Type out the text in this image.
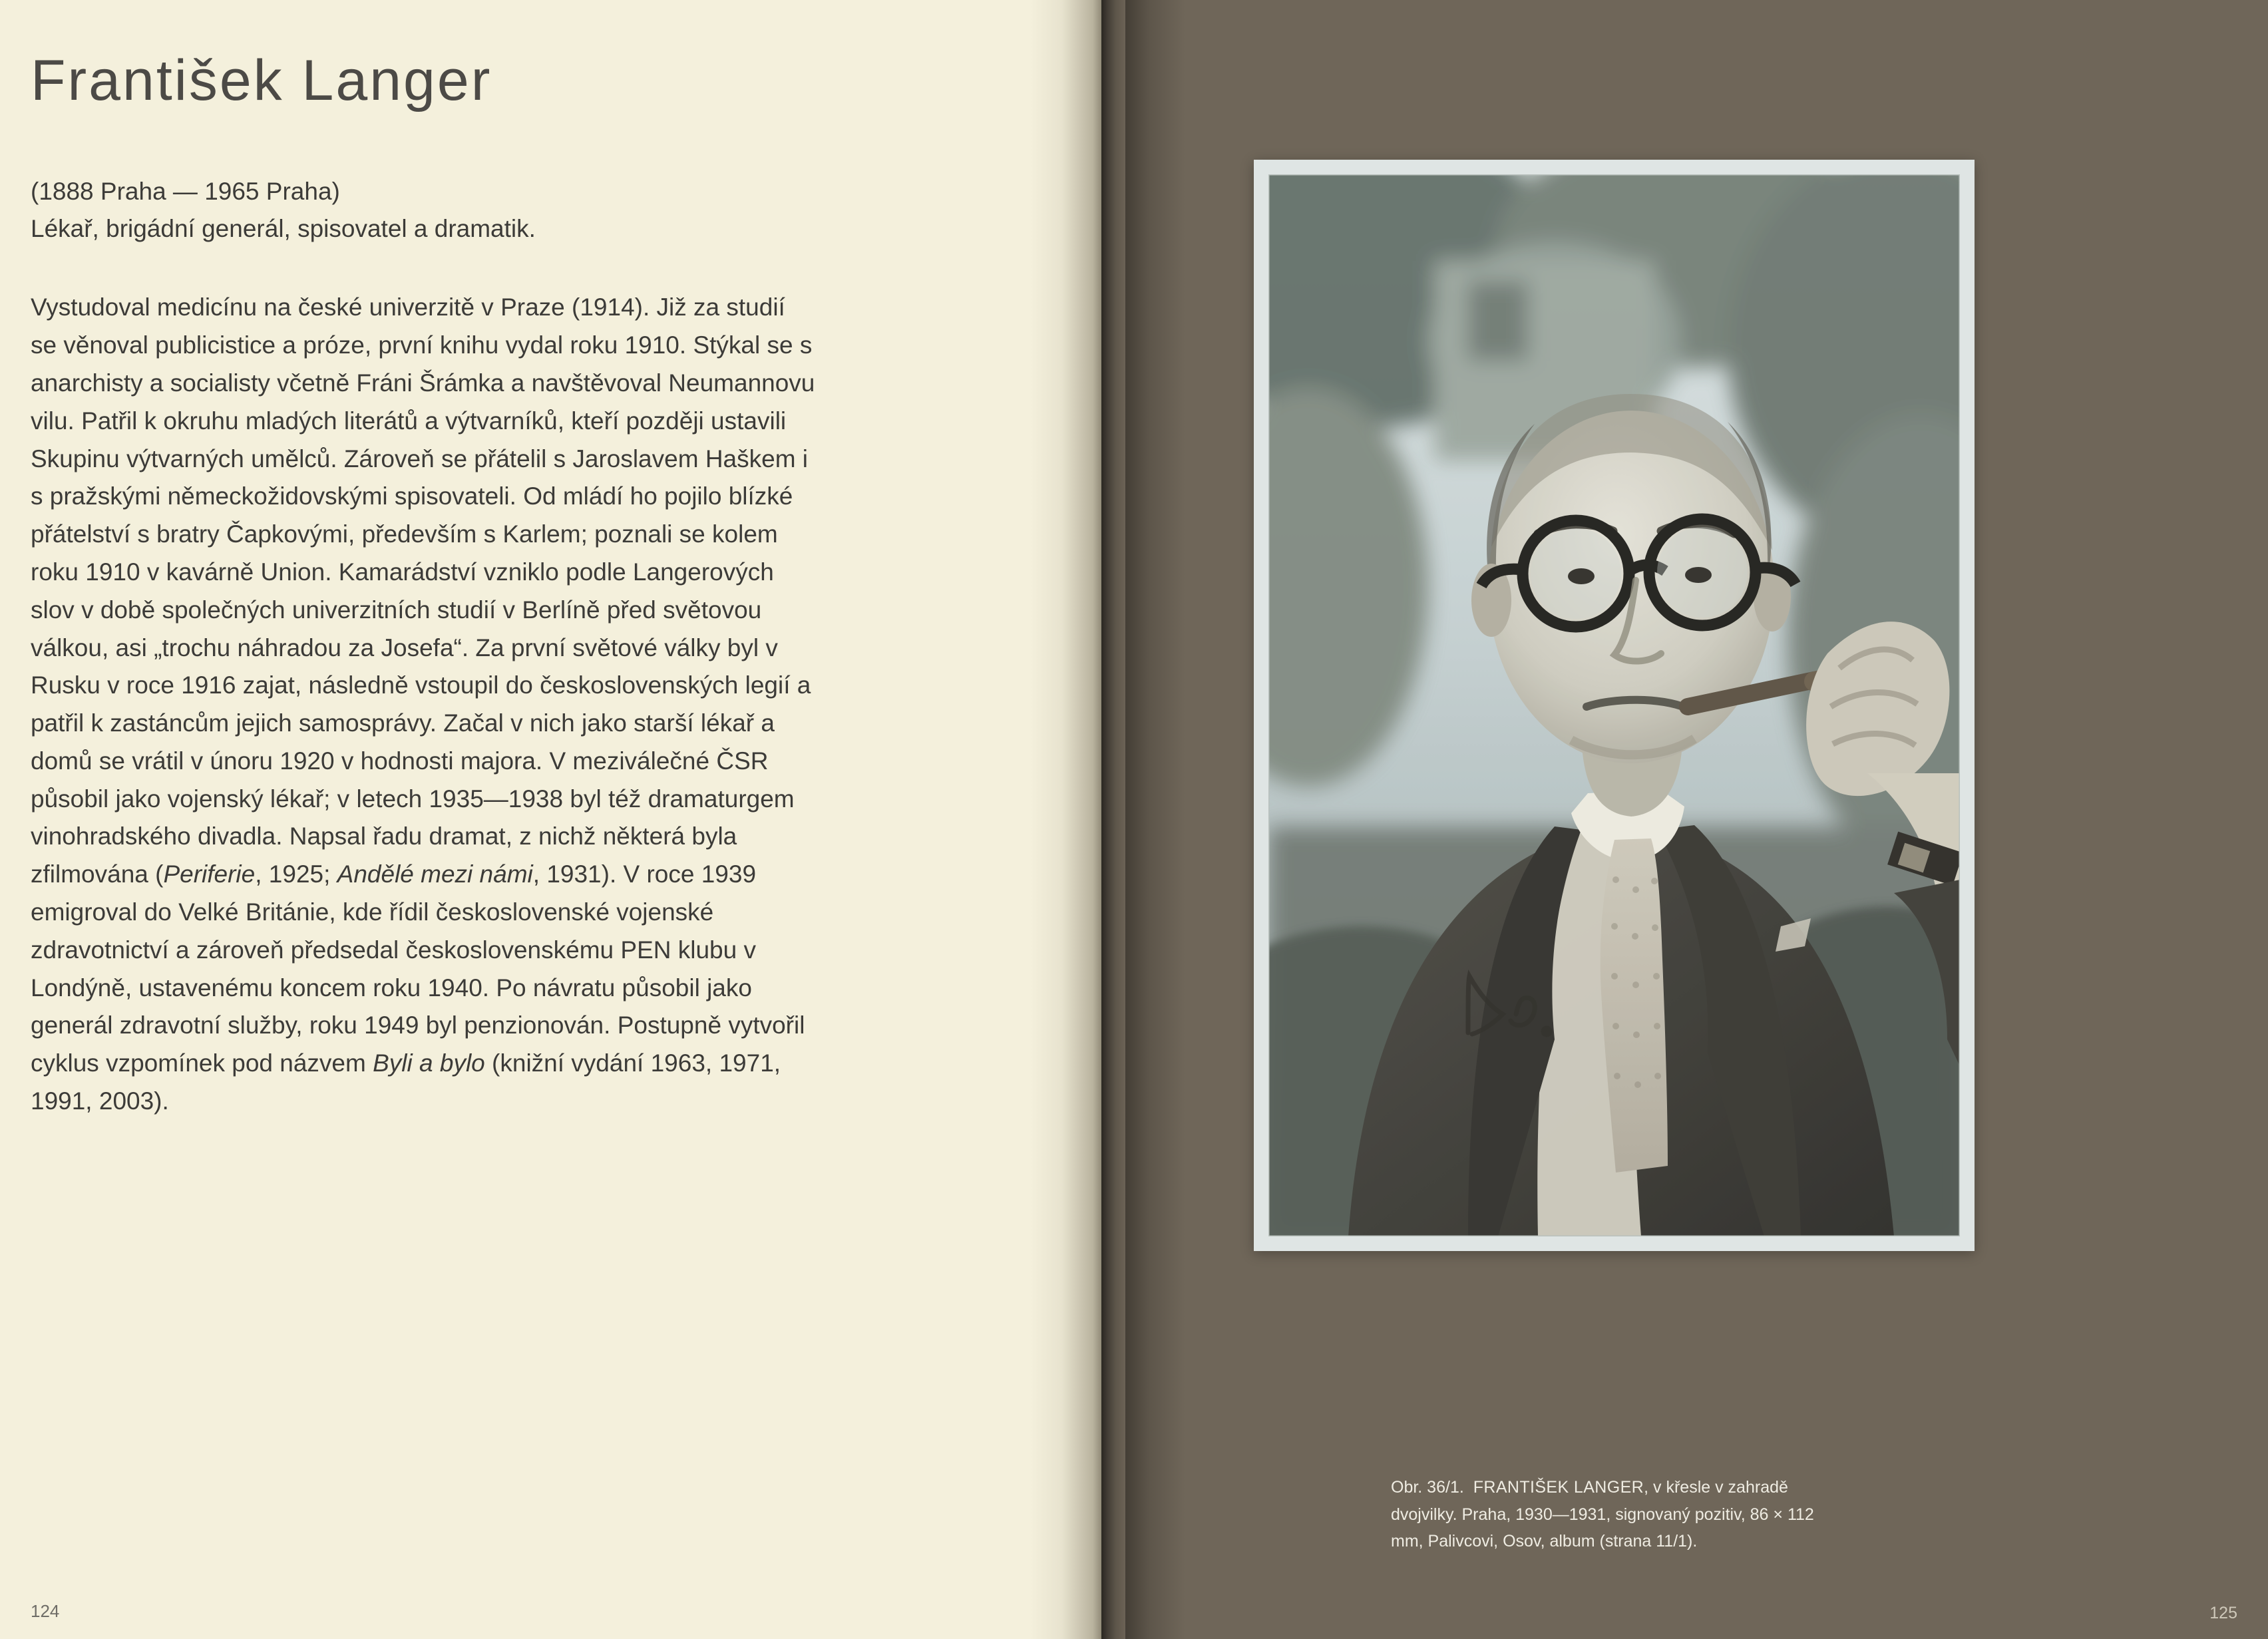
František Langer
(1888 Praha — 1965 Praha)
Lékař, brigádní generál, spisovatel a dramatik.

Vystudoval medicínu na české univerzitě v Praze (1914). Již za studií se věnoval publicistice a próze, první knihu vydal roku 1910. Stýkal se s anarchisty a socialisty včetně Fráni Šrámka a navštěvoval Neumannovu vilu. Patřil k okruhu mladých literátů a výtvarníků, kteří později ustavili Skupinu výtvarných umělců. Zároveň se přátelil s Jaroslavem Haškem i s pražskými německožidovskými spisovateli. Od mládí ho pojilo blízké přátelství s bratry Čapkovými, především s Karlem; poznali se kolem roku 1910 v kavárně Union. Kamarádství vzniklo podle Langerových slov v době společných univerzitních studií v Berlíně před světovou válkou, asi „trochu náhradou za Josefa“. Za první světové války byl v Rusku v roce 1916 zajat, následně vstoupil do československých legií a patřil k zastáncům jejich samosprávy. Začal v nich jako starší lékař a domů se vrátil v únoru 1920 v hodnosti majora. V meziválečné ČSR působil jako vojenský lékař; v letech 1935—1938 byl též dramaturgem vinohradského divadla. Napsal řadu dramat, z nichž některá byla zfilmována (Periferie, 1925; Andělé mezi námi, 1931). V roce 1939 emigroval do Velké Británie, kde řídil československé vojenské zdravotnictví a zároveň předsedal československému PEN klubu v Londýně, ustavenému koncem roku 1940. Po návratu působil jako generál zdravotní služby, roku 1949 byl penzionován. Postupně vytvořil cyklus vzpomínek pod názvem Byli a bylo (knižní vydání 1963, 1971, 1991, 2003).

124	125
Obr. 36/1.  FRANTIŠEK LANGER, v křesle v zahradě dvojvilky. Praha, 1930—1931, signovaný pozitiv, 86 × 112 mm, Palivcovi, Osov, album (strana 11/1).
